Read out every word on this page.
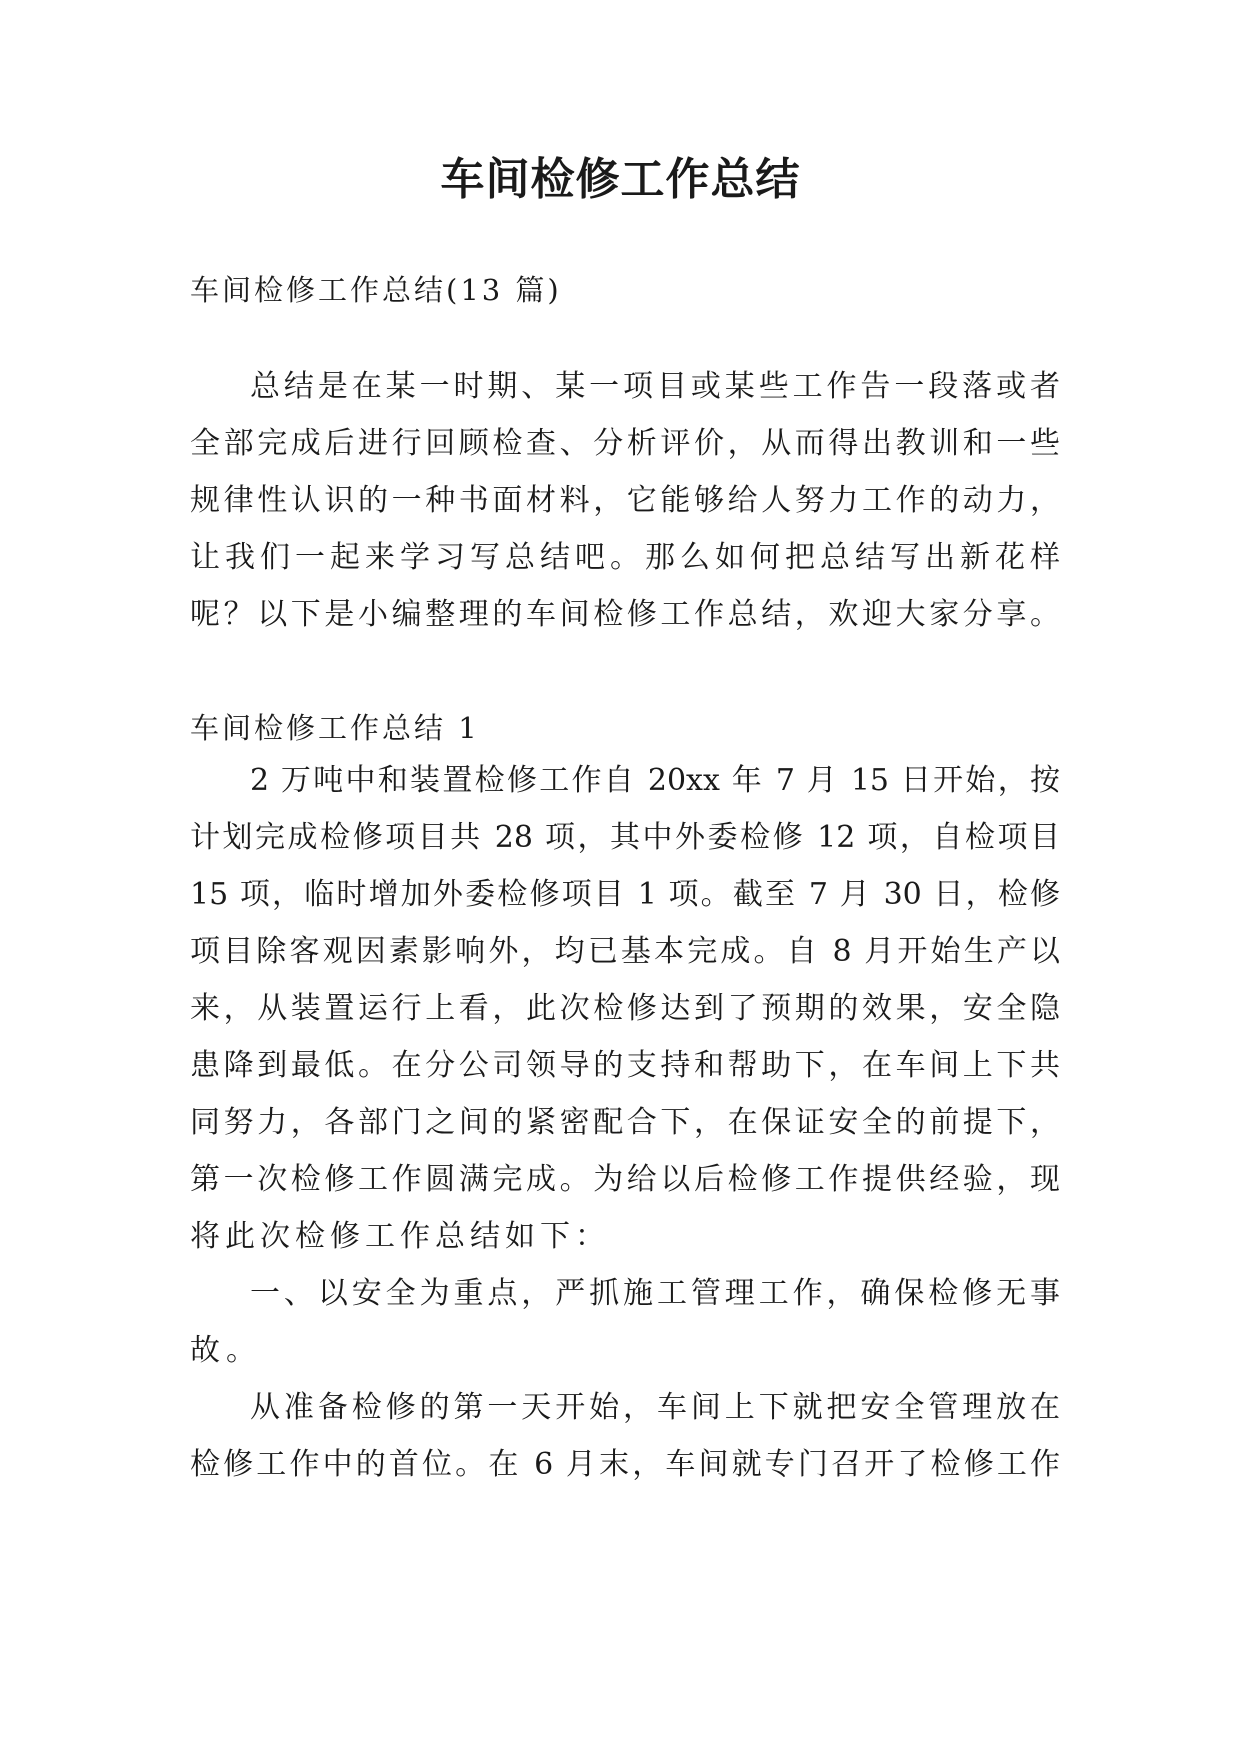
车间检修工作总结
车间检修工作总结(13 篇)
总结是在某一时期、某一项目或某些工作告一段落或者
全部完成后进行回顾检查、分析评价，从而得出教训和一些
规律性认识的一种书面材料，它能够给人努力工作的动力，
让我们一起来学习写总结吧。那么如何把总结写出新花样
呢？以下是小编整理的车间检修工作总结，欢迎大家分享。
车间检修工作总结 1
2 万吨中和装置检修工作自 20xx 年 7 月 15 日开始，按
计划完成检修项目共 28 项，其中外委检修 12 项，自检项目
15 项，临时增加外委检修项目 1 项。截至 7 月 30 日，检修
项目除客观因素影响外，均已基本完成。自 8 月开始生产以
来，从装置运行上看，此次检修达到了预期的效果，安全隐
患降到最低。在分公司领导的支持和帮助下，在车间上下共
同努力，各部门之间的紧密配合下，在保证安全的前提下，
第一次检修工作圆满完成。为给以后检修工作提供经验，现
将此次检修工作总结如下：
一、以安全为重点，严抓施工管理工作，确保检修无事
故。
从准备检修的第一天开始，车间上下就把安全管理放在
检修工作中的首位。在 6 月末，车间就专门召开了检修工作
